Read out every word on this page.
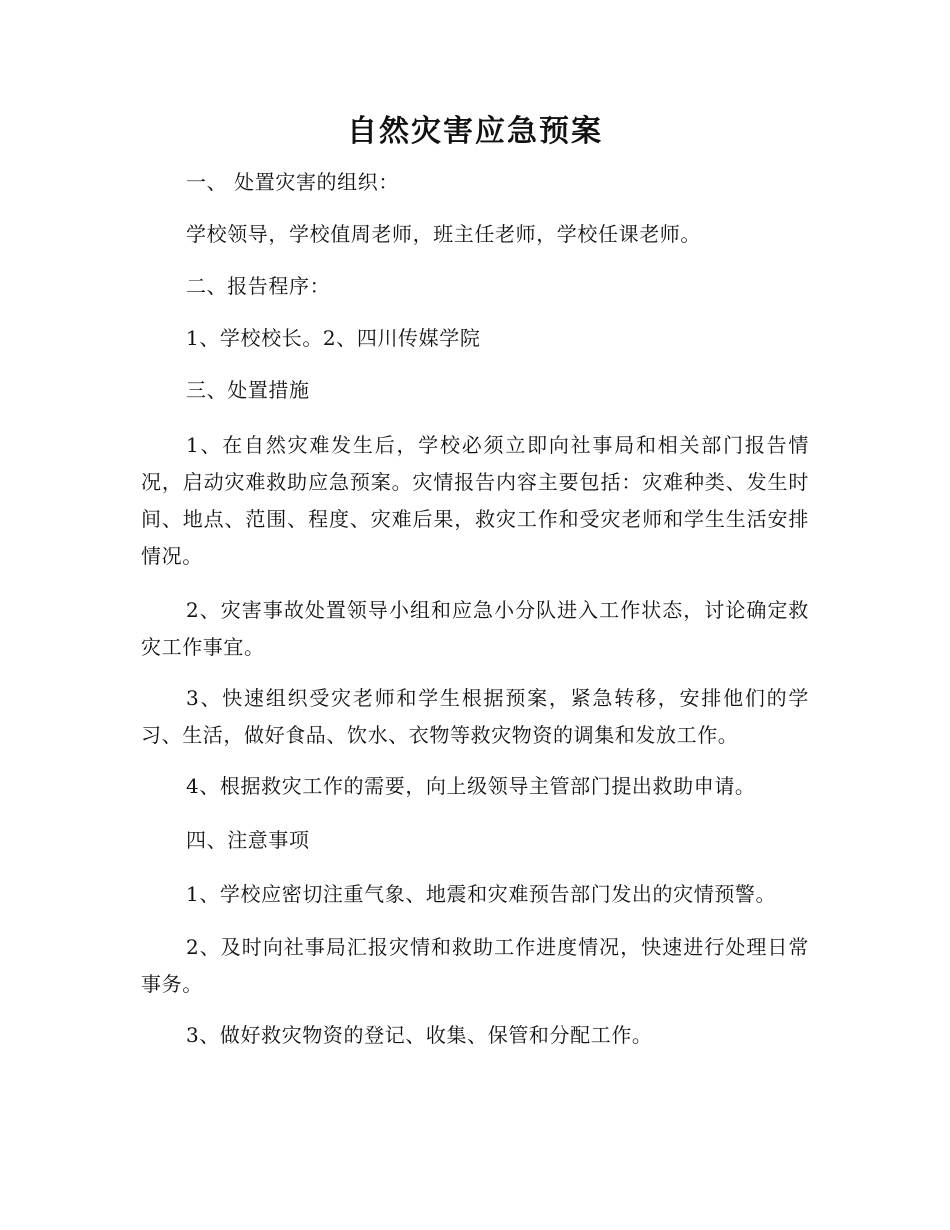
自然灾害应急预案

一、 处置灾害的组织：

学校领导，学校值周老师，班主任老师，学校任课老师。

二、报告程序：

1、学校校长。2、四川传媒学院

三、处置措施

1、在自然灾难发生后，学校必须立即向社事局和相关部门报告情况，启动灾难救助应急预案。灾情报告内容主要包括：灾难种类、发生时间、地点、范围、程度、灾难后果，救灾工作和受灾老师和学生生活安排情况。

2、灾害事故处置领导小组和应急小分队进入工作状态，讨论确定救灾工作事宜。

3、快速组织受灾老师和学生根据预案，紧急转移，安排他们的学习、生活，做好食品、饮水、衣物等救灾物资的调集和发放工作。

4、根据救灾工作的需要，向上级领导主管部门提出救助申请。

四、注意事项

1、学校应密切注重气象、地震和灾难预告部门发出的灾情预警。

2、及时向社事局汇报灾情和救助工作进度情况，快速进行处理日常事务。

3、做好救灾物资的登记、收集、保管和分配工作。
